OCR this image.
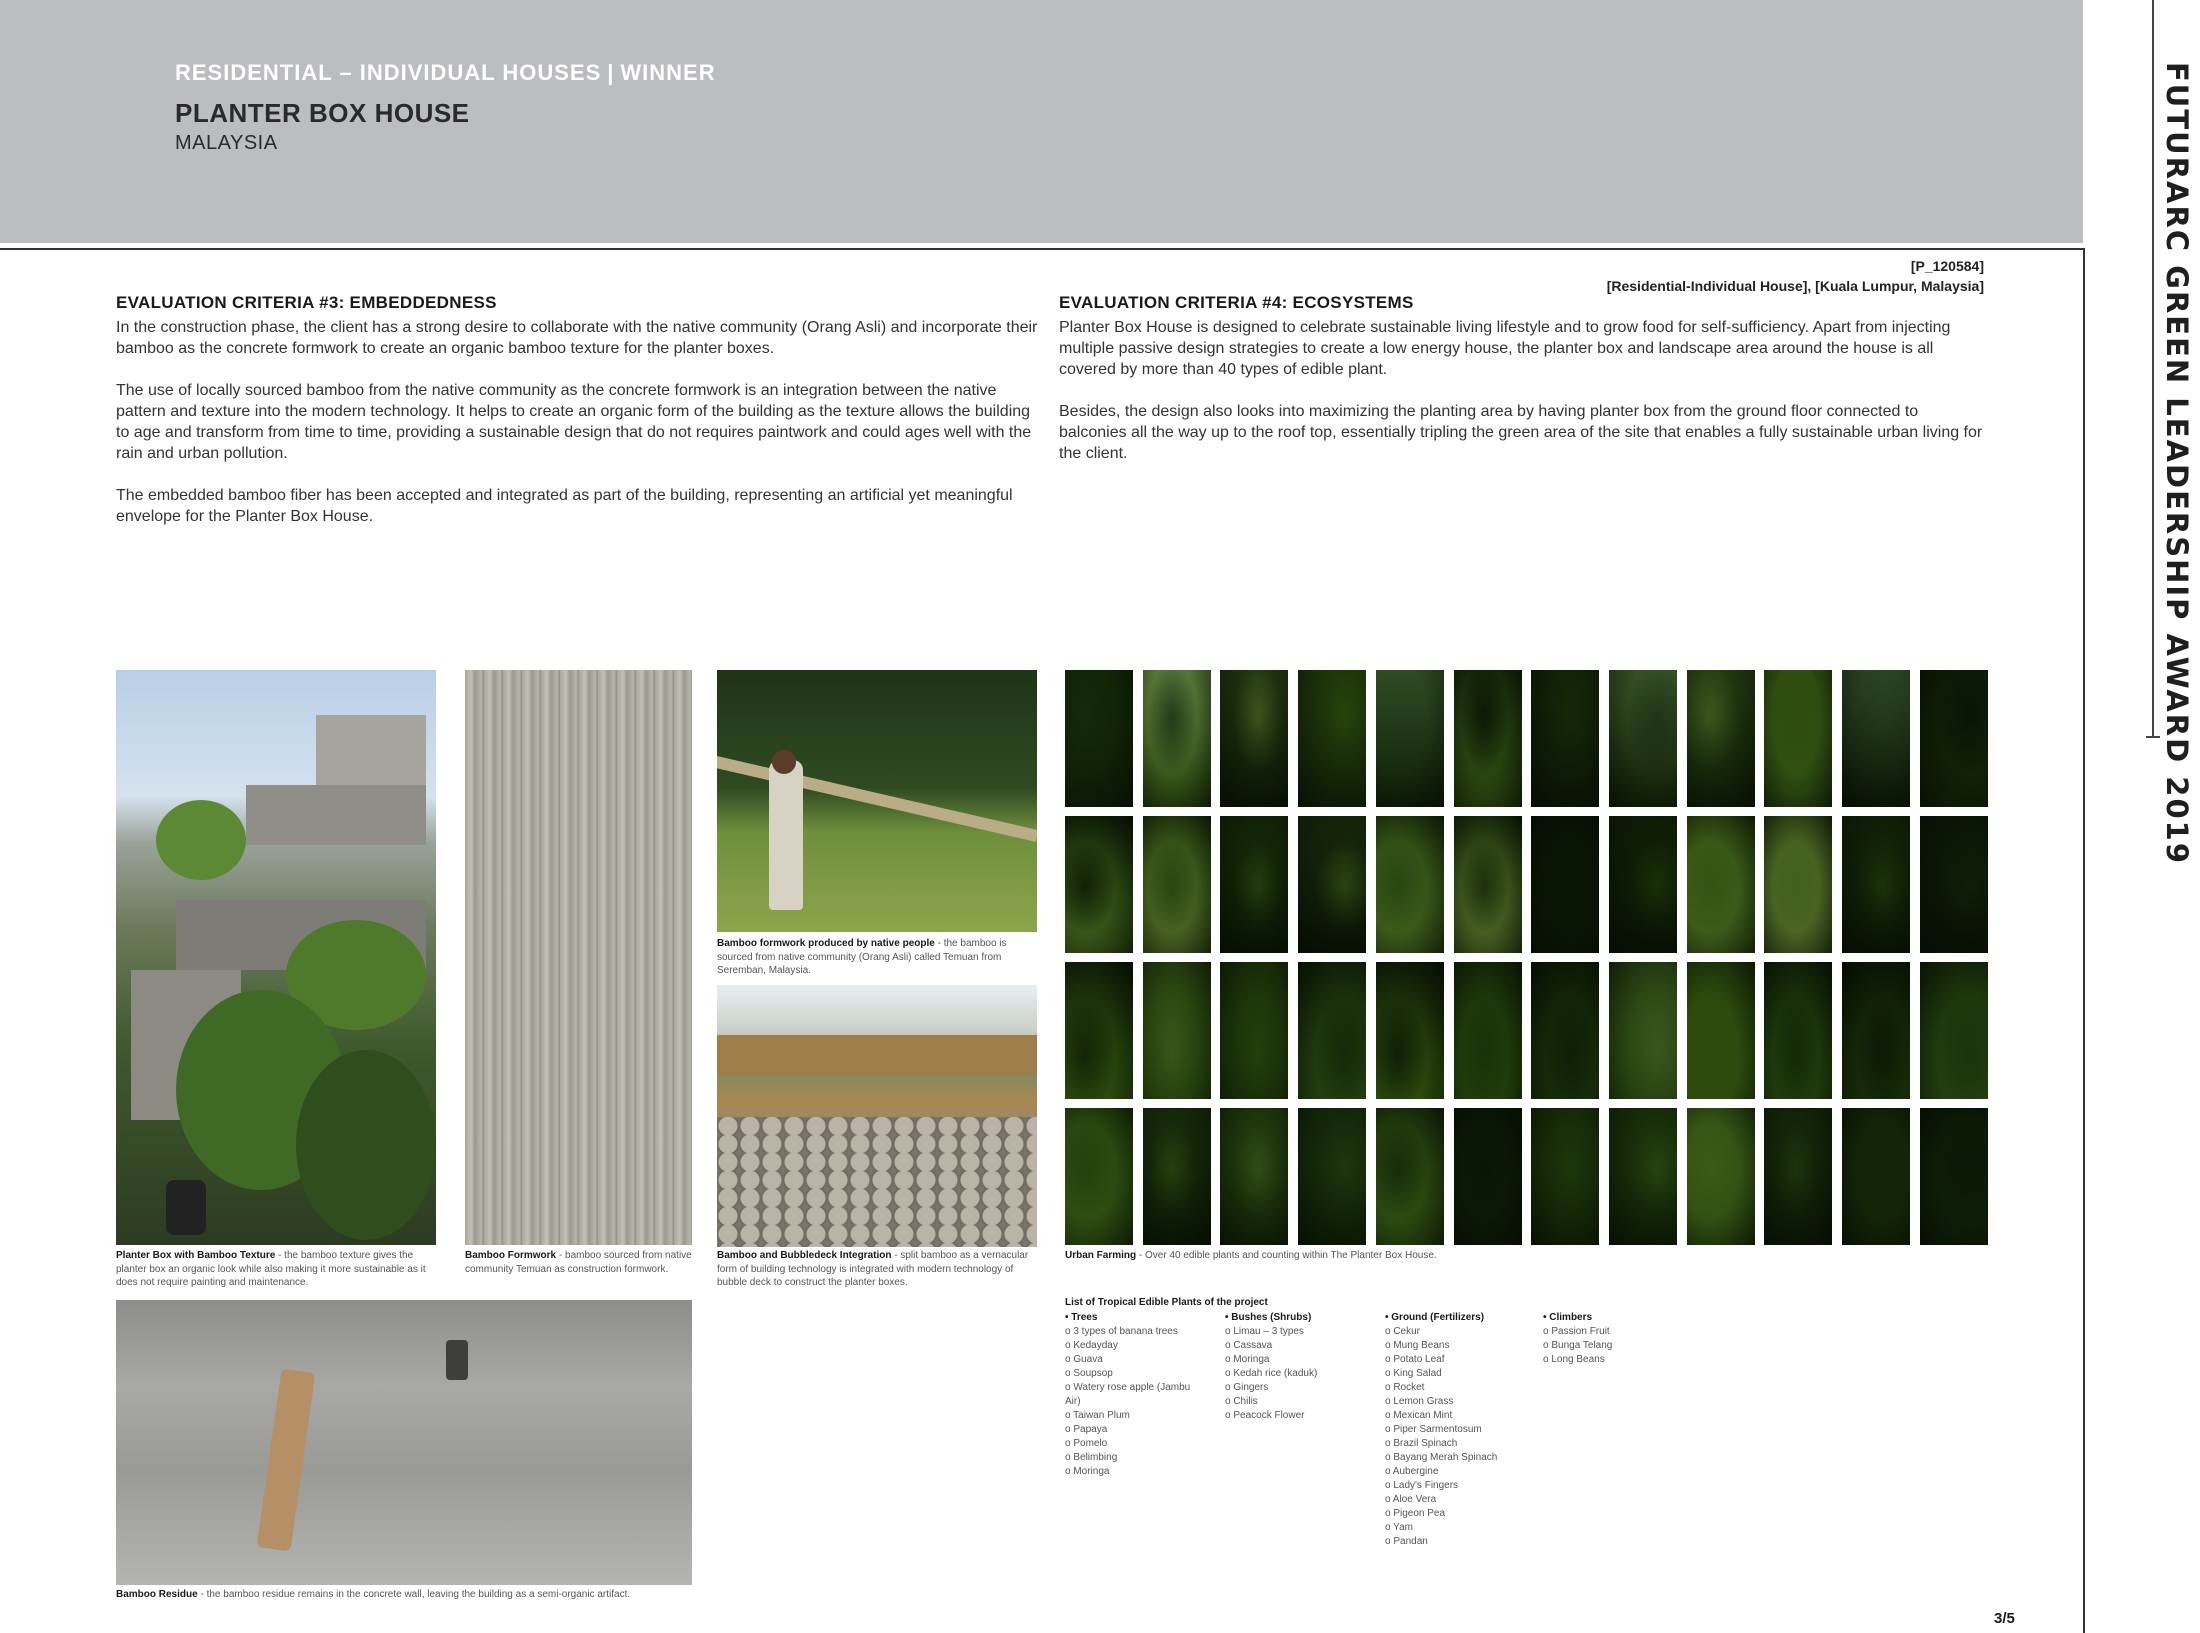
RESIDENTIAL – INDIVIDUAL HOUSES | WINNER
PLANTER BOX HOUSE
MALAYSIA	FUTURARC GREEN LEADERSHIP AWARD 2019
[P_120584]
[Residential-Individual House], [Kuala Lumpur, Malaysia]
EVALUATION CRITERIA #3: EMBEDDEDNESS

In the construction phase, the client has a strong desire to collaborate with the native community (Orang Asli) and incorporate their bamboo as the concrete formwork to create an organic bamboo texture for the planter boxes.

The use of locally sourced bamboo from the native community as the concrete formwork is an integration between the native pattern and texture into the modern technology. It helps to create an organic form of the building as the texture allows the building to age and transform from time to time, providing a sustainable design that do not requires paintwork and could ages well with the rain and urban pollution.

The embedded bamboo fiber has been accepted and integrated as part of the building, representing an artificial yet meaningful envelope for the Planter Box House.

EVALUATION CRITERIA #4: ECOSYSTEMS

Planter Box House is designed to celebrate sustainable living lifestyle and to grow food for self-sufficiency. Apart from injecting multiple passive design strategies to create a low energy house, the planter box and landscape area around the house is all covered by more than 40 types of edible plant.

Besides, the design also looks into maximizing the planting area by having planter box from the ground floor connected to balconies all the way up to the roof top, essentially tripling the green area of the site that enables a fully sustainable urban living for the client.

Planter Box with Bamboo Texture - the bamboo texture gives the planter box an organic look while also making it more sustainable as it does not require painting and maintenance.
Bamboo Formwork - bamboo sourced from native community Temuan as construction formwork.
Bamboo formwork produced by native people - the bamboo is sourced from native community (Orang Asli) called Temuan from Seremban, Malaysia.
Bamboo and Bubbledeck Integration - split bamboo as a vernacular form of building technology is integrated with modern technology of bubble deck to construct the planter boxes.
Bamboo Residue - the bamboo residue remains in the concrete wall, leaving the building as a semi-organic artifact.
Urban Farming - Over 40 edible plants and counting within The Planter Box House.
List of Tropical Edible Plants of the project
• Trees
o 3 types of banana trees
o Kedayday
o Guava
o Soupsop
o Watery rose apple (Jambu
Air)
o Taiwan Plum
o Papaya
o Pomelo
o Belimbing
o Moringa
• Bushes (Shrubs)
o Limau – 3 types
o Cassava
o Moringa
o Kedah rice (kaduk)
o Gingers
o Chilis
o Peacock Flower
• Ground (Fertilizers)
o Cekur
o Mung Beans
o Potato Leaf
o King Salad
o Rocket
o Lemon Grass
o Mexican Mint
o Piper Sarmentosum
o Brazil Spinach
o Bayang Merah Spinach
o Aubergine
o Lady's Fingers
o Aloe Vera
o Pigeon Pea
o Yam
o Pandan
• Climbers
o Passion Fruit
o Bunga Telang
o Long Beans
3/5
